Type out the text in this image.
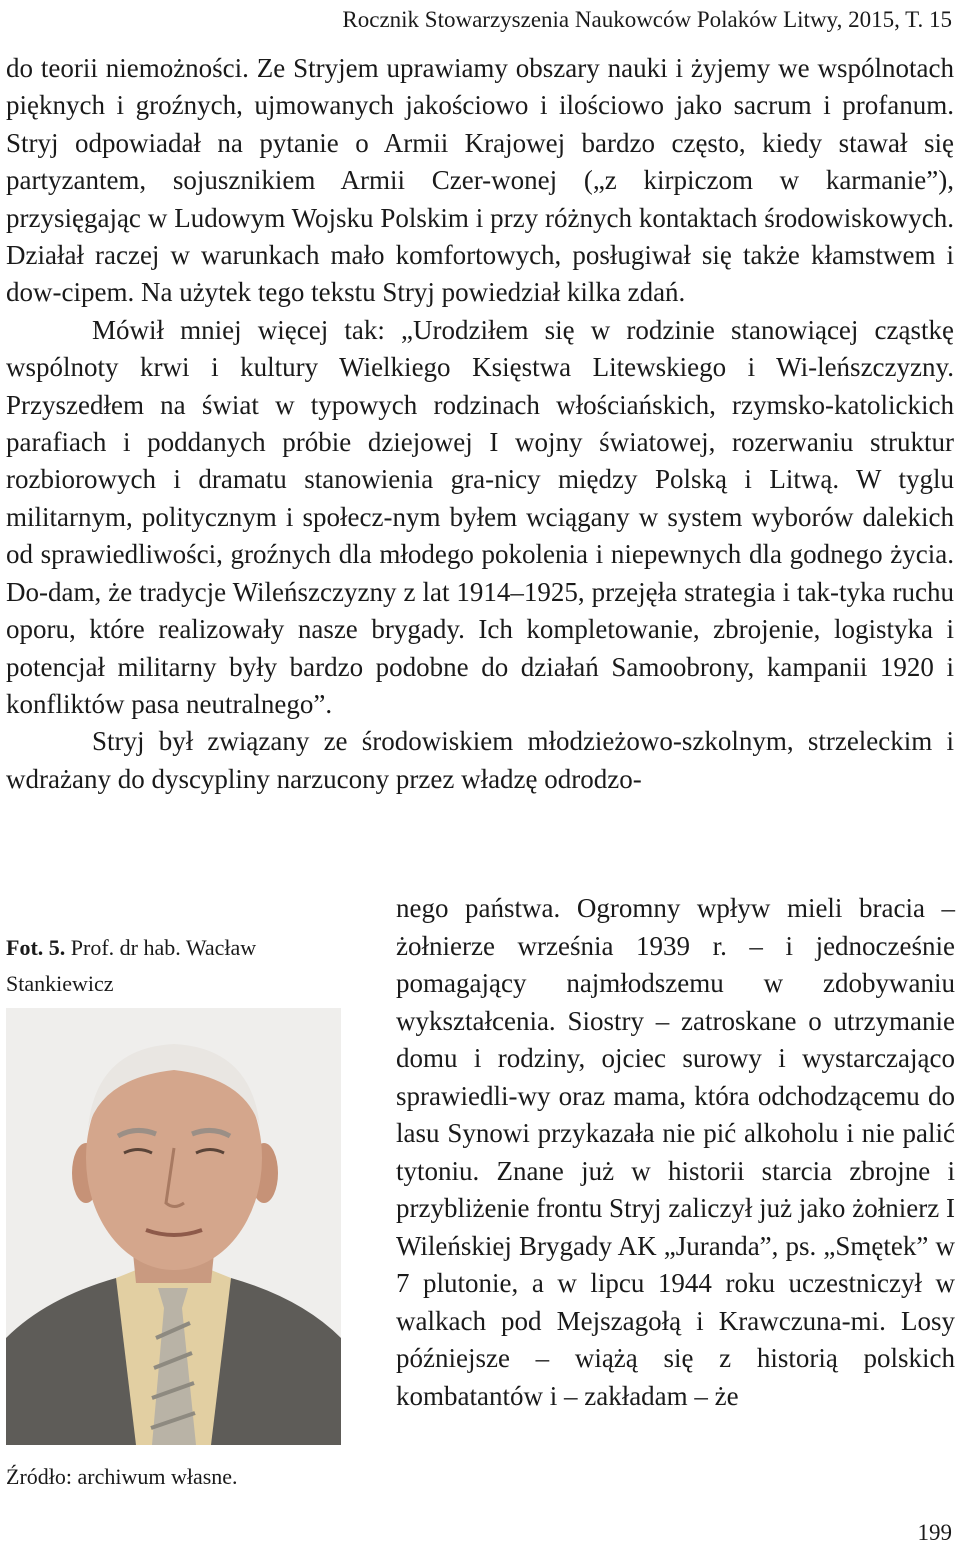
Rocznik Stowarzyszenia Naukowców Polaków Litwy, 2015, T. 15

do teorii niemożności. Ze Stryjem uprawiamy obszary nauki i żyjemy we wspólnotach pięknych i groźnych, ujmowanych jakościowo i ilościowo jako sacrum i profanum. Stryj odpowiadał na pytanie o Armii Krajowej bardzo często, kiedy stawał się partyzantem, sojusznikiem Armii Czer-wonej („z kirpiczom w karmanie”), przysięgając w Ludowym Wojsku Polskim i przy różnych kontaktach środowiskowych. Działał raczej w warunkach mało komfortowych, posługiwał się także kłamstwem i dow-cipem. Na użytek tego tekstu Stryj powiedział kilka zdań.

Mówił mniej więcej tak: „Urodziłem się w rodzinie stanowiącej cząstkę wspólnoty krwi i kultury Wielkiego Księstwa Litewskiego i Wi-leńszczyzny. Przyszedłem na świat w typowych rodzinach włościańskich, rzymsko-katolickich parafiach i poddanych próbie dziejowej I wojny światowej, rozerwaniu struktur rozbiorowych i dramatu stanowienia gra-nicy między Polską i Litwą. W tyglu militarnym, politycznym i społecz-nym byłem wciągany w system wyborów dalekich od sprawiedliwości, groźnych dla młodego pokolenia i niepewnych dla godnego życia. Do-dam, że tradycje Wileńszczyzny z lat 1914–1925, przejęła strategia i tak-tyka ruchu oporu, które realizowały nasze brygady. Ich kompletowanie, zbrojenie, logistyka i potencjał militarny były bardzo podobne do działań Samoobrony, kampanii 1920 i konfliktów pasa neutralnego”.

Stryj był związany ze środowiskiem młodzieżowo-szkolnym, strzeleckim i wdrażany do dyscypliny narzucony przez władzę odrodzo-

nego państwa. Ogromny wpływ mieli bracia – żołnierze września 1939 r. – i jednocześnie pomagający najmłodszemu w zdobywaniu wykształcenia. Siostry – zatroskane o utrzymanie domu i rodziny, ojciec surowy i wystarczająco sprawiedli-wy oraz mama, która odchodzącemu do lasu Synowi przykazała nie pić alkoholu i nie palić tytoniu. Znane już w historii starcia zbrojne i przybliżenie frontu Stryj zaliczył już jako żołnierz I Wileńskiej Brygady AK „Juranda”, ps. „Smętek” w 7 plutonie, a w lipcu 1944 roku uczestniczył w walkach pod Mejszagołą i Krawczuna-mi. Losy późniejsze – wiążą się z historią polskich kombatantów i – zakładam – że

Fot. 5. Prof. dr hab. Wacław Stankiewicz
Źródło: archiwum własne.
199
